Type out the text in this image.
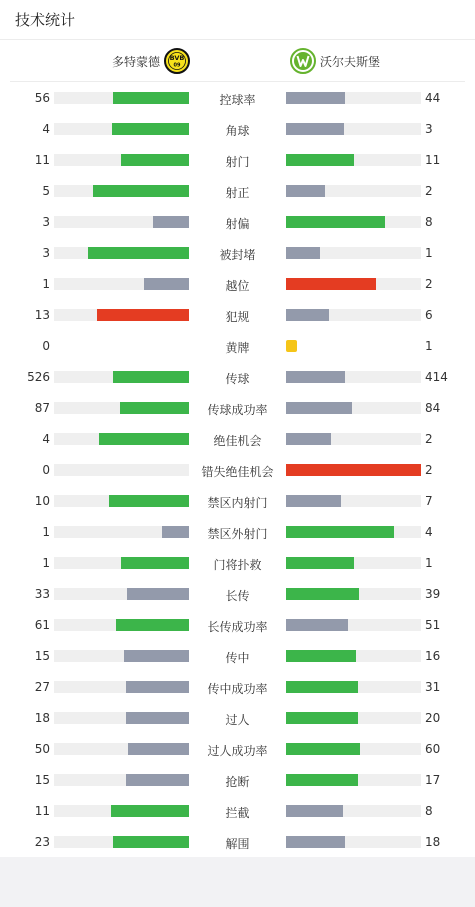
技术统计
多特蒙德 BVB
09	沃尔夫斯堡
56	控球率	44
4	角球	3
11	射门	11
5	射正	2
3	射偏	8
3	被封堵	1
1	越位	2
13	犯规	6
0	黄牌	1
526	传球	414
87	传球成功率	84
4	绝佳机会	2
0	错失绝佳机会	2
10	禁区内射门	7
1	禁区外射门	4
1	门将扑救	1
33	长传	39
61	长传成功率	51
15	传中	16
27	传中成功率	31
18	过人	20
50	过人成功率	60
15	抢断	17
11	拦截	8
23	解围	18
